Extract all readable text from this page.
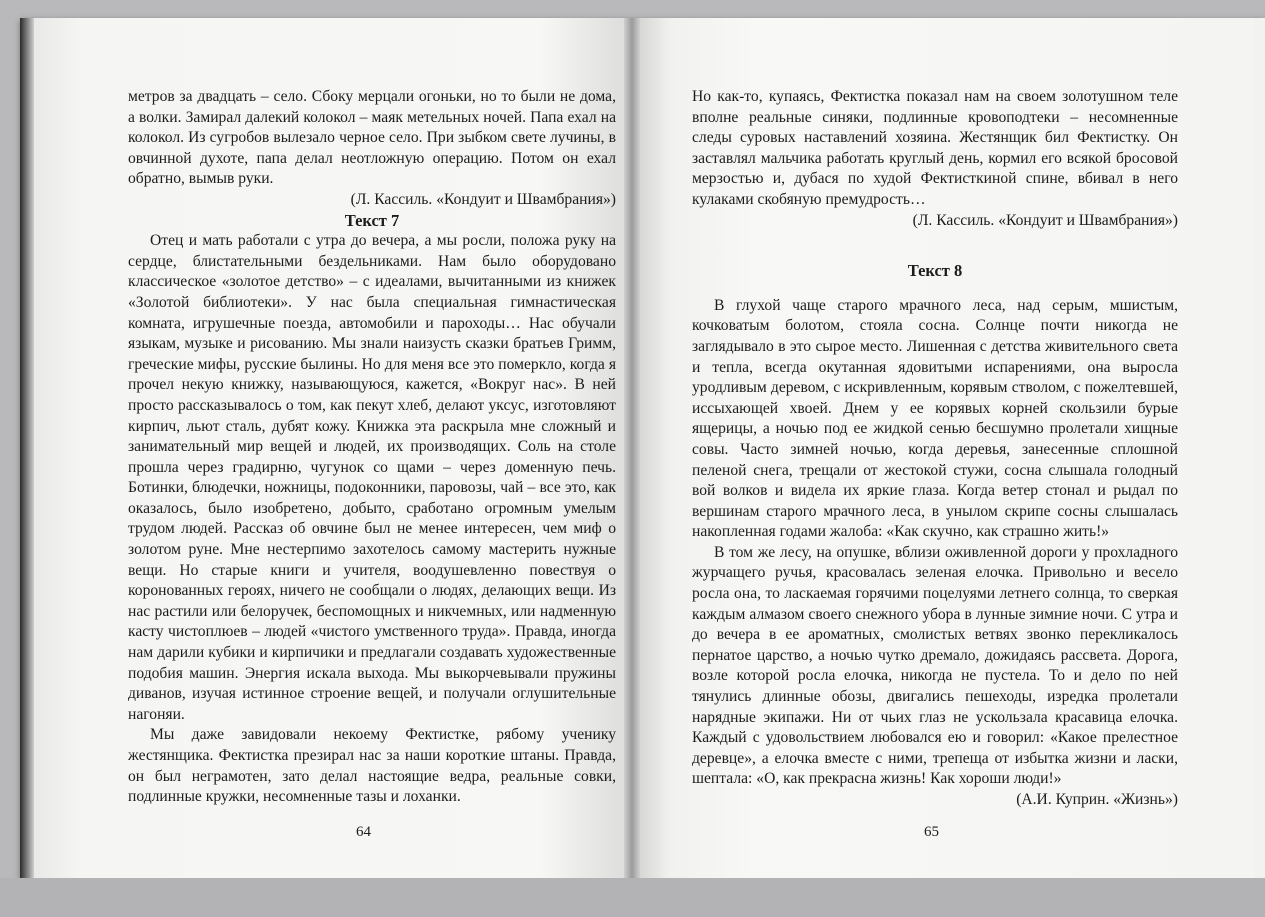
метров за двадцать – село. Сбоку мерцали огоньки, но то были не дома, а волки. Замирал далекий колокол – маяк метельных ночей. Папа ехал на колокол. Из сугробов вылезало черное село. При зыбком свете лучины, в овчинной духоте, папа делал неотложную операцию. Потом он ехал обратно, вымыв руки.

(Л. Кассиль. «Кондуит и Швамбрания»)

Текст 7

Отец и мать работали с утра до вечера, а мы росли, положа руку на сердце, блистательными бездельниками. Нам было оборудовано классическое «золотое детство» – с идеалами, вычитанными из книжек «Золотой библиотеки». У нас была специальная гимнастическая комната, игрушечные поезда, автомобили и пароходы… Нас обучали языкам, музыке и рисованию. Мы знали наизусть сказки братьев Гримм, греческие мифы, русские былины. Но для меня все это померкло, когда я прочел некую книжку, называющуюся, кажется, «Вокруг нас». В ней просто рассказывалось о том, как пекут хлеб, делают уксус, изготовляют кирпич, льют сталь, дубят кожу. Книжка эта раскрыла мне сложный и занимательный мир вещей и людей, их производящих. Соль на столе прошла через градирню, чугунок со щами – через доменную печь. Ботинки, блюдечки, ножницы, подоконники, паровозы, чай – все это, как оказалось, было изобретено, добыто, сработано огромным умелым трудом людей. Рассказ об овчине был не менее интересен, чем миф о золотом руне. Мне нестерпимо захотелось самому мастерить нужные вещи. Но старые книги и учителя, воодушевленно повествуя о коронованных героях, ничего не сообщали о людях, делающих вещи. Из нас растили или белоручек, беспомощных и никчемных, или надменную касту чистоплюев – людей «чистого умственного труда». Правда, иногда нам дарили кубики и кирпичики и предлагали создавать художественные подобия машин. Энергия искала выхода. Мы выкорчевывали пружины диванов, изучая истинное строение вещей, и получали оглушительные нагоняи.

Мы даже завидовали некоему Фектистке, рябому ученику жестянщика. Фектистка презирал нас за наши короткие штаны. Правда, он был неграмотен, зато делал настоящие ведра, реальные совки, подлинные кружки, несомненные тазы и лоханки.

64

Но как-то, купаясь, Фектистка показал нам на своем золотушном теле вполне реальные синяки, подлинные кровоподтеки – несомненные следы суровых наставлений хозяина. Жестянщик бил Фектистку. Он заставлял мальчика работать круглый день, кормил его всякой бросовой мерзостью и, дубася по худой Фектисткиной спине, вбивал в него кулаками скобяную премудрость…

(Л. Кассиль. «Кондуит и Швамбрания»)

Текст 8

В глухой чаще старого мрачного леса, над серым, мшистым, кочковатым болотом, стояла сосна. Солнце почти никогда не заглядывало в это сырое место. Лишенная с детства живительного света и тепла, всегда окутанная ядовитыми испарениями, она выросла уродливым деревом, с искривленным, корявым стволом, с пожелтевшей, иссыхающей хвоей. Днем у ее корявых корней скользили бурые ящерицы, а ночью под ее жидкой сенью бесшумно пролетали хищные совы. Часто зимней ночью, когда деревья, занесенные сплошной пеленой снега, трещали от жестокой стужи, сосна слышала голодный вой волков и видела их яркие глаза. Когда ветер стонал и рыдал по вершинам старого мрачного леса, в унылом скрипе сосны слышалась накопленная годами жалоба: «Как скучно, как страшно жить!»

В том же лесу, на опушке, вблизи оживленной дороги у прохладного журчащего ручья, красовалась зеленая елочка. Привольно и весело росла она, то ласкаемая горячими поцелуями летнего солнца, то сверкая каждым алмазом своего снежного убора в лунные зимние ночи. С утра и до вечера в ее ароматных, смолистых ветвях звонко перекликалось пернатое царство, а ночью чутко дремало, дожидаясь рассвета. Дорога, возле которой росла елочка, никогда не пустела. То и дело по ней тянулись длинные обозы, двигались пешеходы, изредка пролетали нарядные экипажи. Ни от чьих глаз не ускользала красавица елочка. Каждый с удовольствием любовался ею и говорил: «Какое прелестное деревце», а елочка вместе с ними, трепеща от избытка жизни и ласки, шептала: «О, как прекрасна жизнь! Как хороши люди!»

(А.И. Куприн. «Жизнь»)

65
